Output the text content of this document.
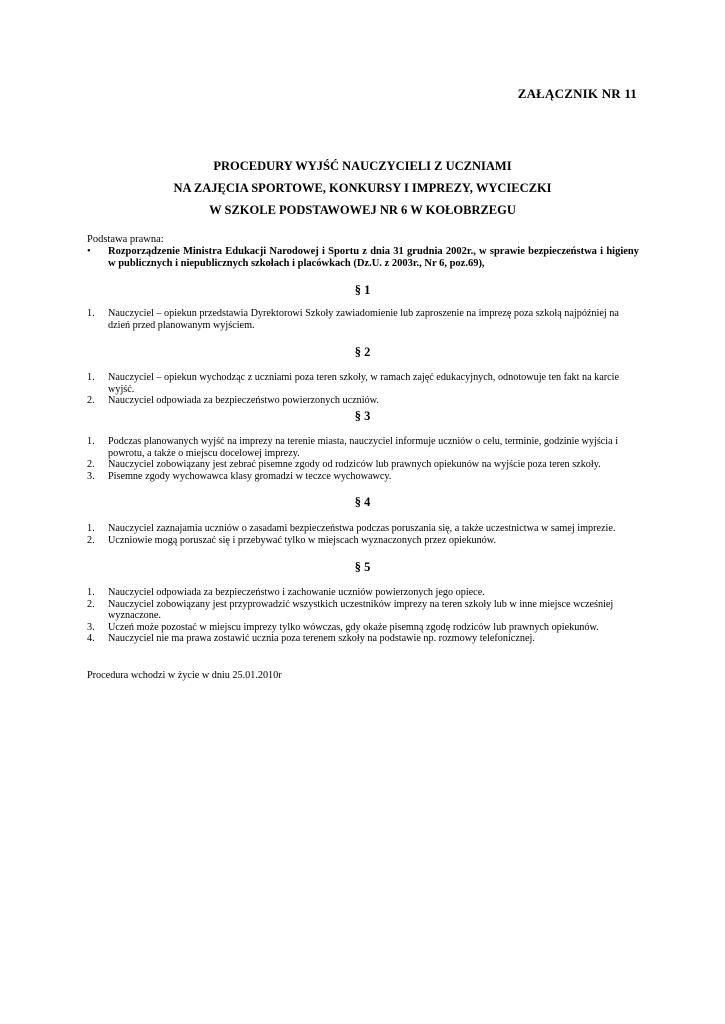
ZAŁĄCZNIK NR 11
PROCEDURY WYJŚĆ NAUCZYCIELI Z UCZNIAMI
NA ZAJĘCIA SPORTOWE, KONKURSY I IMPREZY, WYCIECZKI
W SZKOLE PODSTAWOWEJ NR 6 W KOŁOBRZEGU
Podstawa prawna:
• Rozporządzenie Ministra Edukacji Narodowej i Sportu z dnia 31 grudnia 2002r., w sprawie bezpieczeństwa i higieny w publicznych i niepublicznych szkołach i placówkach (Dz.U. z 2003r., Nr 6, poz.69),
§ 1
1. Nauczyciel – opiekun przedstawia Dyrektorowi Szkoły zawiadomienie lub zaproszenie na imprezę poza szkołą najpóźniej na dzień przed planowanym wyjściem.
§ 2
1. Nauczyciel – opiekun wychodząc z uczniami poza teren szkoły, w ramach zajęć edukacyjnych, odnotowuje ten fakt na karcie wyjść.
2. Nauczyciel odpowiada za bezpieczeństwo powierzonych uczniów.
§ 3
1. Podczas planowanych wyjść na imprezy na terenie miasta, nauczyciel informuje uczniów o celu, terminie, godzinie wyjścia i powrotu, a także o miejscu docelowej imprezy.
2. Nauczyciel zobowiązany jest zebrać pisemne zgody od rodziców lub prawnych opiekunów na wyjście poza teren szkoły.
3. Pisemne zgody wychowawca klasy gromadzi w teczce wychowawcy.
§ 4
1. Nauczyciel zaznajamia uczniów o zasadami bezpieczeństwa podczas poruszania się, a także uczestnictwa w samej imprezie.
2. Uczniowie mogą poruszać się i przebywać tylko w miejscach wyznaczonych przez opiekunów.
§ 5
1. Nauczyciel odpowiada za bezpieczeństwo i zachowanie uczniów powierzonych jego opiece.
2. Nauczyciel zobowiązany jest przyprowadzić wszystkich uczestników imprezy na teren szkoły lub w inne miejsce wcześniej wyznaczone.
3. Uczeń może pozostać w miejscu imprezy tylko wówczas, gdy okaże pisemną zgodę rodziców lub prawnych opiekunów.
4. Nauczyciel nie ma prawa zostawić ucznia poza terenem szkoły na podstawie np. rozmowy telefonicznej.
Procedura wchodzi w życie w dniu 25.01.2010r
